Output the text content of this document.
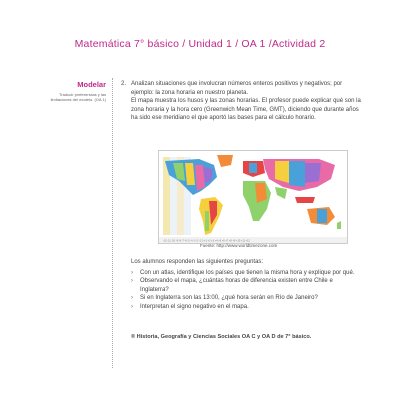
Matemática 7° básico / Unidad 1 / OA 1 /Actividad 2
Modelar
Traducir preferencias y las limitaciones del modelo. (OA 1)
2. Analizan situaciones que involucran números enteros positivos y negativos; por ejemplo: la zona horaria en nuestro planeta.
El mapa muestra los husos y las zonas horarias. El profesor puede explicar qué son la zona horaria y la hora cero (Greenwich Mean Time, GMT), diciendo que durante años ha sido ese meridiano el que aportó las bases para el cálculo horario.
-12 -11 -10 -9 -8 -7 -6 -5 -4 -3 -2 -1 0 +1 +2 +3 +4 +5 +6 +7 +8 +9 +10 +11 +12
Fuente: http://www.worldtimezone.com
Los alumnos responden las siguientes preguntas:
›	Con un atlas, identifique los países que tienen la misma hora y explique por qué.
›	Observando el mapa, ¿cuántas horas de diferencia existen entre Chile e Inglaterra?
›	Si en Inglaterra son las 13:00, ¿qué hora serán en Río de Janeiro?
›	Interpretan el signo negativo en el mapa.
® Historia, Geografía y Ciencias Sociales OA C y OA D de 7° básico.
